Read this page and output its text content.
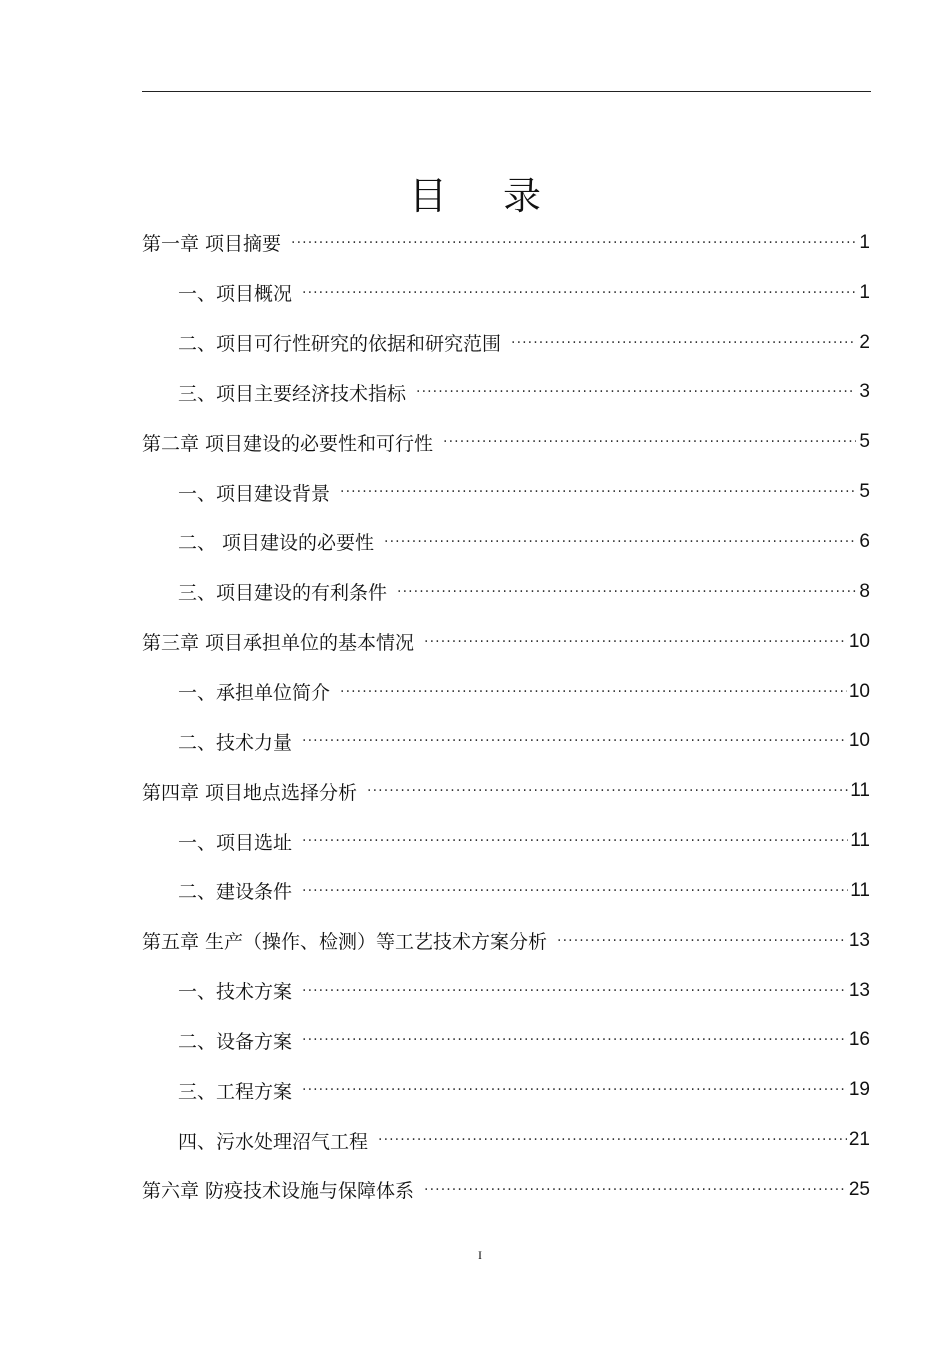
目 录
第一章 项目摘要 ·····	1
一、项目概况 ·····	1
二、项目可行性研究的依据和研究范围 ·····	2
三、项目主要经济技术指标 ·····	3
第二章 项目建设的必要性和可行性 ·····	5
一、项目建设背景 ·····	5
二、 项目建设的必要性 ·····	6
三、项目建设的有利条件 ·····	8
第三章 项目承担单位的基本情况 ·····	10
一、承担单位简介 ·····	10
二、技术力量 ·····	10
第四章 项目地点选择分析 ·····	11
一、项目选址 ·····	11
二、建设条件 ·····	11
第五章 生产（操作、检测）等工艺技术方案分析 ·····	13
一、技术方案 ·····	13
二、设备方案 ·····	16
三、工程方案 ·····	19
四、污水处理沼气工程 ·····	21
第六章 防疫技术设施与保障体系 ·····	25
I
